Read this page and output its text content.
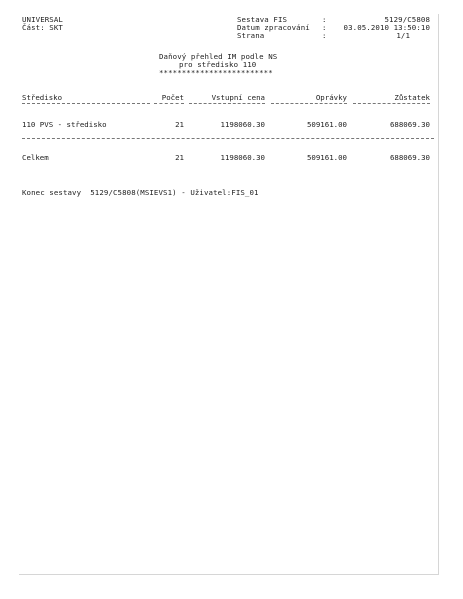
UNIVERSAL
Část: SKT
Sestava FIS	:	5129/C5808
Datum zpracování :	03.05.2010 13:50:10
Strana	:	1/1
Daňový přehled IM podle NS
pro středisko 110
*************************
Středisko	Počet	Vstupní cena	Oprávky	Zůstatek
110 PVS - středisko	21	1198060.30	509161.00	688069.30
Celkem	21	1198060.30	509161.00	688069.30
Konec sestavy  5129/C5808(MSIEVS1) - Uživatel:FIS_01
